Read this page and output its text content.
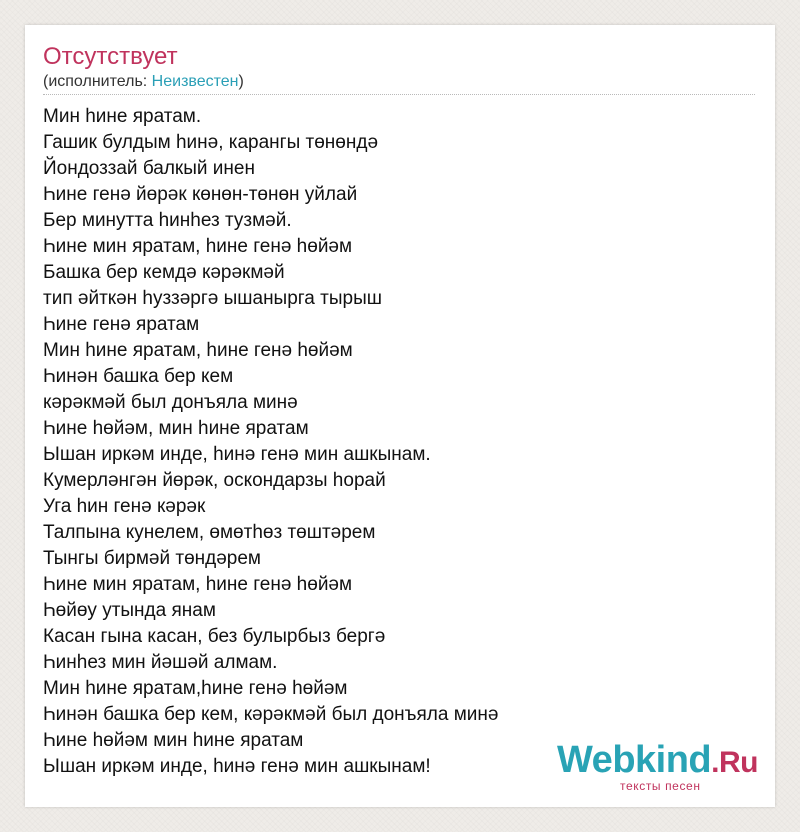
Отсутствует
(исполнитель: Неизвестен)
Мин һине яратам.
Гашик булдым һинә, карангы төнөндә
Йондоззай балкый инен
Һине генә йөрәк көнөн-төнөн уйлай
Бер минутта һинһез тузмәй.
Һине мин яратам, һине генә һөйәм
Башка бер кемдә кәрәкмәй
тип әйткән һуззәргә ышанырга тырыш
Һине генә яратам
Мин һине яратам, һине генә һөйәм
Һинән башка бер кем
кәрәкмәй был донъяла минә
Һине һөйәм, мин һине яратам
Ышан иркәм инде, һинә генә мин ашкынам.
Кумерләнгән йөрәк, оскондарзы һорай
Уга һин генә кәрәк
Талпына кунелем, өмөтһөз төштәрем
Тынгы бирмәй төндәрем
Һине мин яратам, һине генә һөйәм
Һөйөу утында янам
Касан гына касан, без булырбыз бергә
Һинһез мин йәшәй алмам.
Мин һине яратам,һине генә һөйәм
Һинән башка бер кем, кәрәкмәй был донъяла минә
Һине һөйәм мин һине яратам
Ышан иркәм инде, һинә генә мин ашкынам!	Webkind.Ru
тексты песен
